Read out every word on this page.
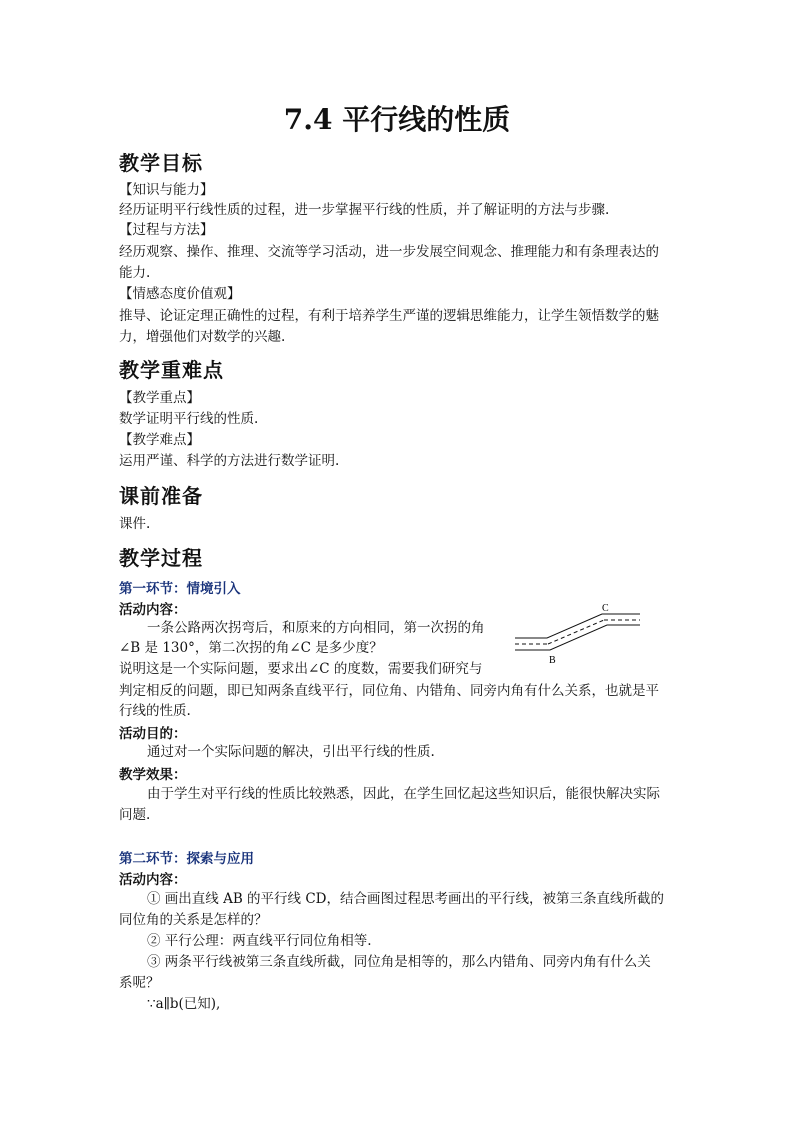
7.4 平行线的性质
教学目标
【知识与能力】
经历证明平行线性质的过程，进一步掌握平行线的性质，并了解证明的方法与步骤.
【过程与方法】
经历观察、操作、推理、交流等学习活动，进一步发展空间观念、推理能力和有条理表达的
能力.
【情感态度价值观】
推导、论证定理正确性的过程，有利于培养学生严谨的逻辑思维能力，让学生领悟数学的魅
力，增强他们对数学的兴趣.
教学重难点
【教学重点】
数学证明平行线的性质.
【教学难点】
运用严谨、科学的方法进行数学证明.
课前准备
课件.
教学过程
第一环节：情境引入
活动内容：
一条公路两次拐弯后，和原来的方向相同，第一次拐的角
∠B 是 130°，第二次拐的角∠C 是多少度？
说明这是一个实际问题，要求出∠C 的度数，需要我们研究与
判定相反的问题，即已知两条直线平行，同位角、内错角、同旁内角有什么关系，也就是平
行线的性质.
C
B
活动目的：
通过对一个实际问题的解决，引出平行线的性质.
教学效果：
由于学生对平行线的性质比较熟悉，因此，在学生回忆起这些知识后，能很快解决实际
问题.
第二环节：探索与应用
活动内容：
① 画出直线 AB 的平行线 CD，结合画图过程思考画出的平行线，被第三条直线所截的
同位角的关系是怎样的？
② 平行公理：两直线平行同位角相等.
③ 两条平行线被第三条直线所截，同位角是相等的，那么内错角、同旁内角有什么关
系呢？
∵a∥b(已知),
